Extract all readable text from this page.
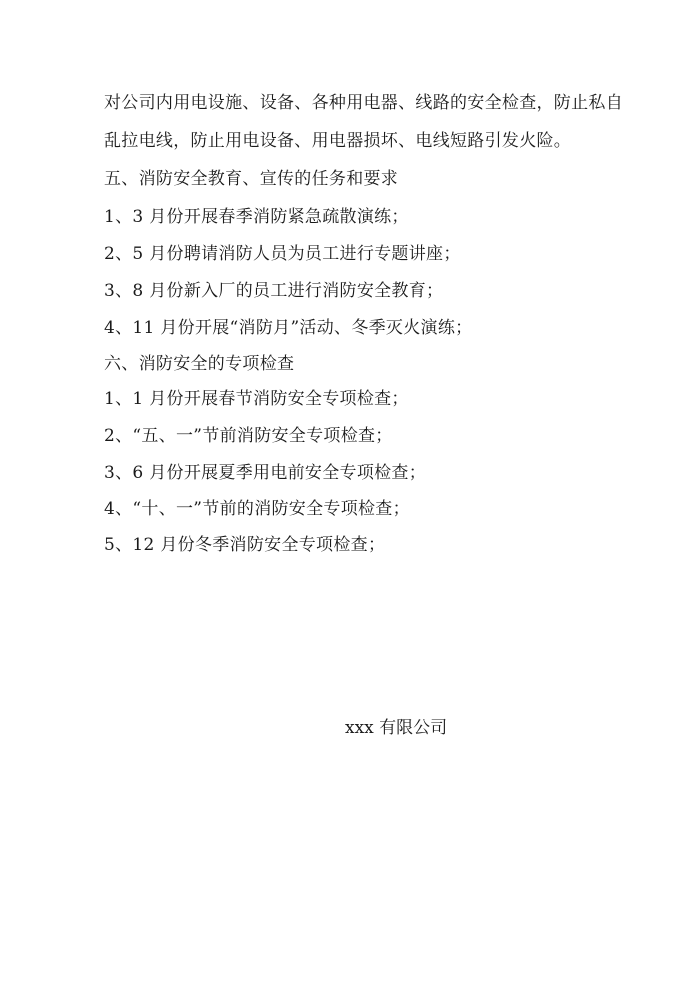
对公司内用电设施、设备、各种用电器、线路的安全检查，防止私自
乱拉电线，防止用电设备、用电器损坏、电线短路引发火险。
五、消防安全教育、宣传的任务和要求
1、3 月份开展春季消防紧急疏散演练；
2、5 月份聘请消防人员为员工进行专题讲座；
3、8 月份新入厂的员工进行消防安全教育；
4、11 月份开展“消防月”活动、冬季灭火演练；
六、消防安全的专项检查
1、1 月份开展春节消防安全专项检查；
2、“五、一”节前消防安全专项检查；
3、6 月份开展夏季用电前安全专项检查；
4、“十、一”节前的消防安全专项检查；
5、12 月份冬季消防安全专项检查；
xxx 有限公司
